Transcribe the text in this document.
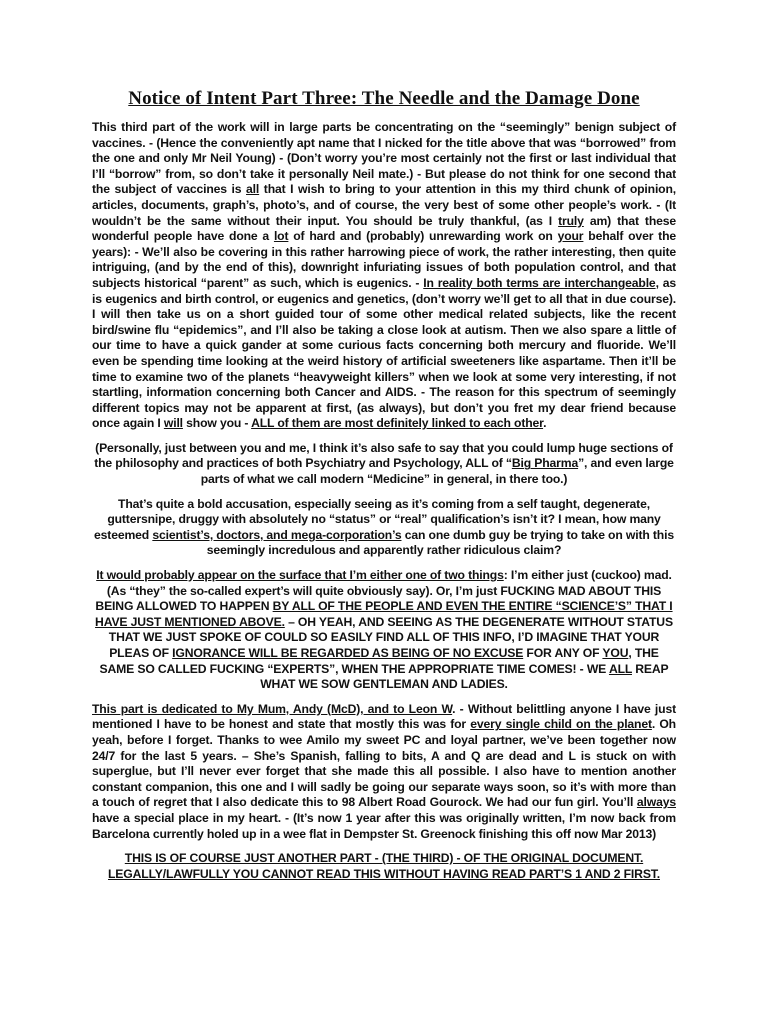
Notice of Intent Part Three: The Needle and the Damage Done

This third part of the work will in large parts be concentrating on the “seemingly” benign subject of vaccines. - (Hence the conveniently apt name that I nicked for the title above that was “borrowed” from the one and only Mr Neil Young) - (Don’t worry you’re most certainly not the first or last individual that I’ll “borrow” from, so don’t take it personally Neil mate.) - But please do not think for one second that the subject of vaccines is all that I wish to bring to your attention in this my third chunk of opinion, articles, documents, graph’s, photo’s, and of course, the very best of some other people’s work. - (It wouldn’t be the same without their input. You should be truly thankful, (as I truly am) that these wonderful people have done a lot of hard and (probably) unrewarding work on your behalf over the years): - We’ll also be covering in this rather harrowing piece of work, the rather interesting, then quite intriguing, (and by the end of this), downright infuriating issues of both population control, and that subjects historical “parent” as such, which is eugenics. - In reality both terms are interchangeable, as is eugenics and birth control, or eugenics and genetics, (don’t worry we’ll get to all that in due course). I will then take us on a short guided tour of some other medical related subjects, like the recent bird/swine flu “epidemics”, and I’ll also be taking a close look at autism. Then we also spare a little of our time to have a quick gander at some curious facts concerning both mercury and fluoride. We’ll even be spending time looking at the weird history of artificial sweeteners like aspartame. Then it’ll be time to examine two of the planets “heavyweight killers” when we look at some very interesting, if not startling, information concerning both Cancer and AIDS. - The reason for this spectrum of seemingly different topics may not be apparent at first, (as always), but don’t you fret my dear friend because once again I will show you - ALL of them are most definitely linked to each other.

(Personally, just between you and me, I think it’s also safe to say that you could lump huge sections of the philosophy and practices of both Psychiatry and Psychology, ALL of “Big Pharma”, and even large parts of what we call modern “Medicine” in general, in there too.)

That’s quite a bold accusation, especially seeing as it’s coming from a self taught, degenerate, guttersnipe, druggy with absolutely no “status” or “real” qualification’s isn’t it? I mean, how many esteemed scientist’s, doctors, and mega-corporation’s can one dumb guy be trying to take on with this seemingly incredulous and apparently rather ridiculous claim?

It would probably appear on the surface that I’m either one of two things: I’m either just (cuckoo) mad. (As “they” the so-called expert’s will quite obviously say). Or, I’m just FUCKING MAD ABOUT THIS BEING ALLOWED TO HAPPEN BY ALL OF THE PEOPLE AND EVEN THE ENTIRE “SCIENCE’S” THAT I HAVE JUST MENTIONED ABOVE. – OH YEAH, AND SEEING AS THE DEGENERATE WITHOUT STATUS THAT WE JUST SPOKE OF COULD SO EASILY FIND ALL OF THIS INFO, I’D IMAGINE THAT YOUR PLEAS OF IGNORANCE WILL BE REGARDED AS BEING OF NO EXCUSE FOR ANY OF YOU, THE SAME SO CALLED FUCKING “EXPERTS”, WHEN THE APPROPRIATE TIME COMES! - WE ALL REAP WHAT WE SOW GENTLEMAN AND LADIES.

This part is dedicated to My Mum, Andy (McD), and to Leon W. - Without belittling anyone I have just mentioned I have to be honest and state that mostly this was for every single child on the planet. Oh yeah, before I forget. Thanks to wee Amilo my sweet PC and loyal partner, we’ve been together now 24/7 for the last 5 years. – She’s Spanish, falling to bits, A and Q are dead and L is stuck on with superglue, but I’ll never ever forget that she made this all possible. I also have to mention another constant companion, this one and I will sadly be going our separate ways soon, so it’s with more than a touch of regret that I also dedicate this to 98 Albert Road Gourock. We had our fun girl. You’ll always have a special place in my heart. - (It’s now 1 year after this was originally written, I’m now back from Barcelona currently holed up in a wee flat in Dempster St. Greenock finishing this off now Mar 2013)

THIS IS OF COURSE JUST ANOTHER PART - (THE THIRD) - OF THE ORIGINAL DOCUMENT. LEGALLY/LAWFULLY YOU CANNOT READ THIS WITHOUT HAVING READ PART’S 1 AND 2 FIRST.
